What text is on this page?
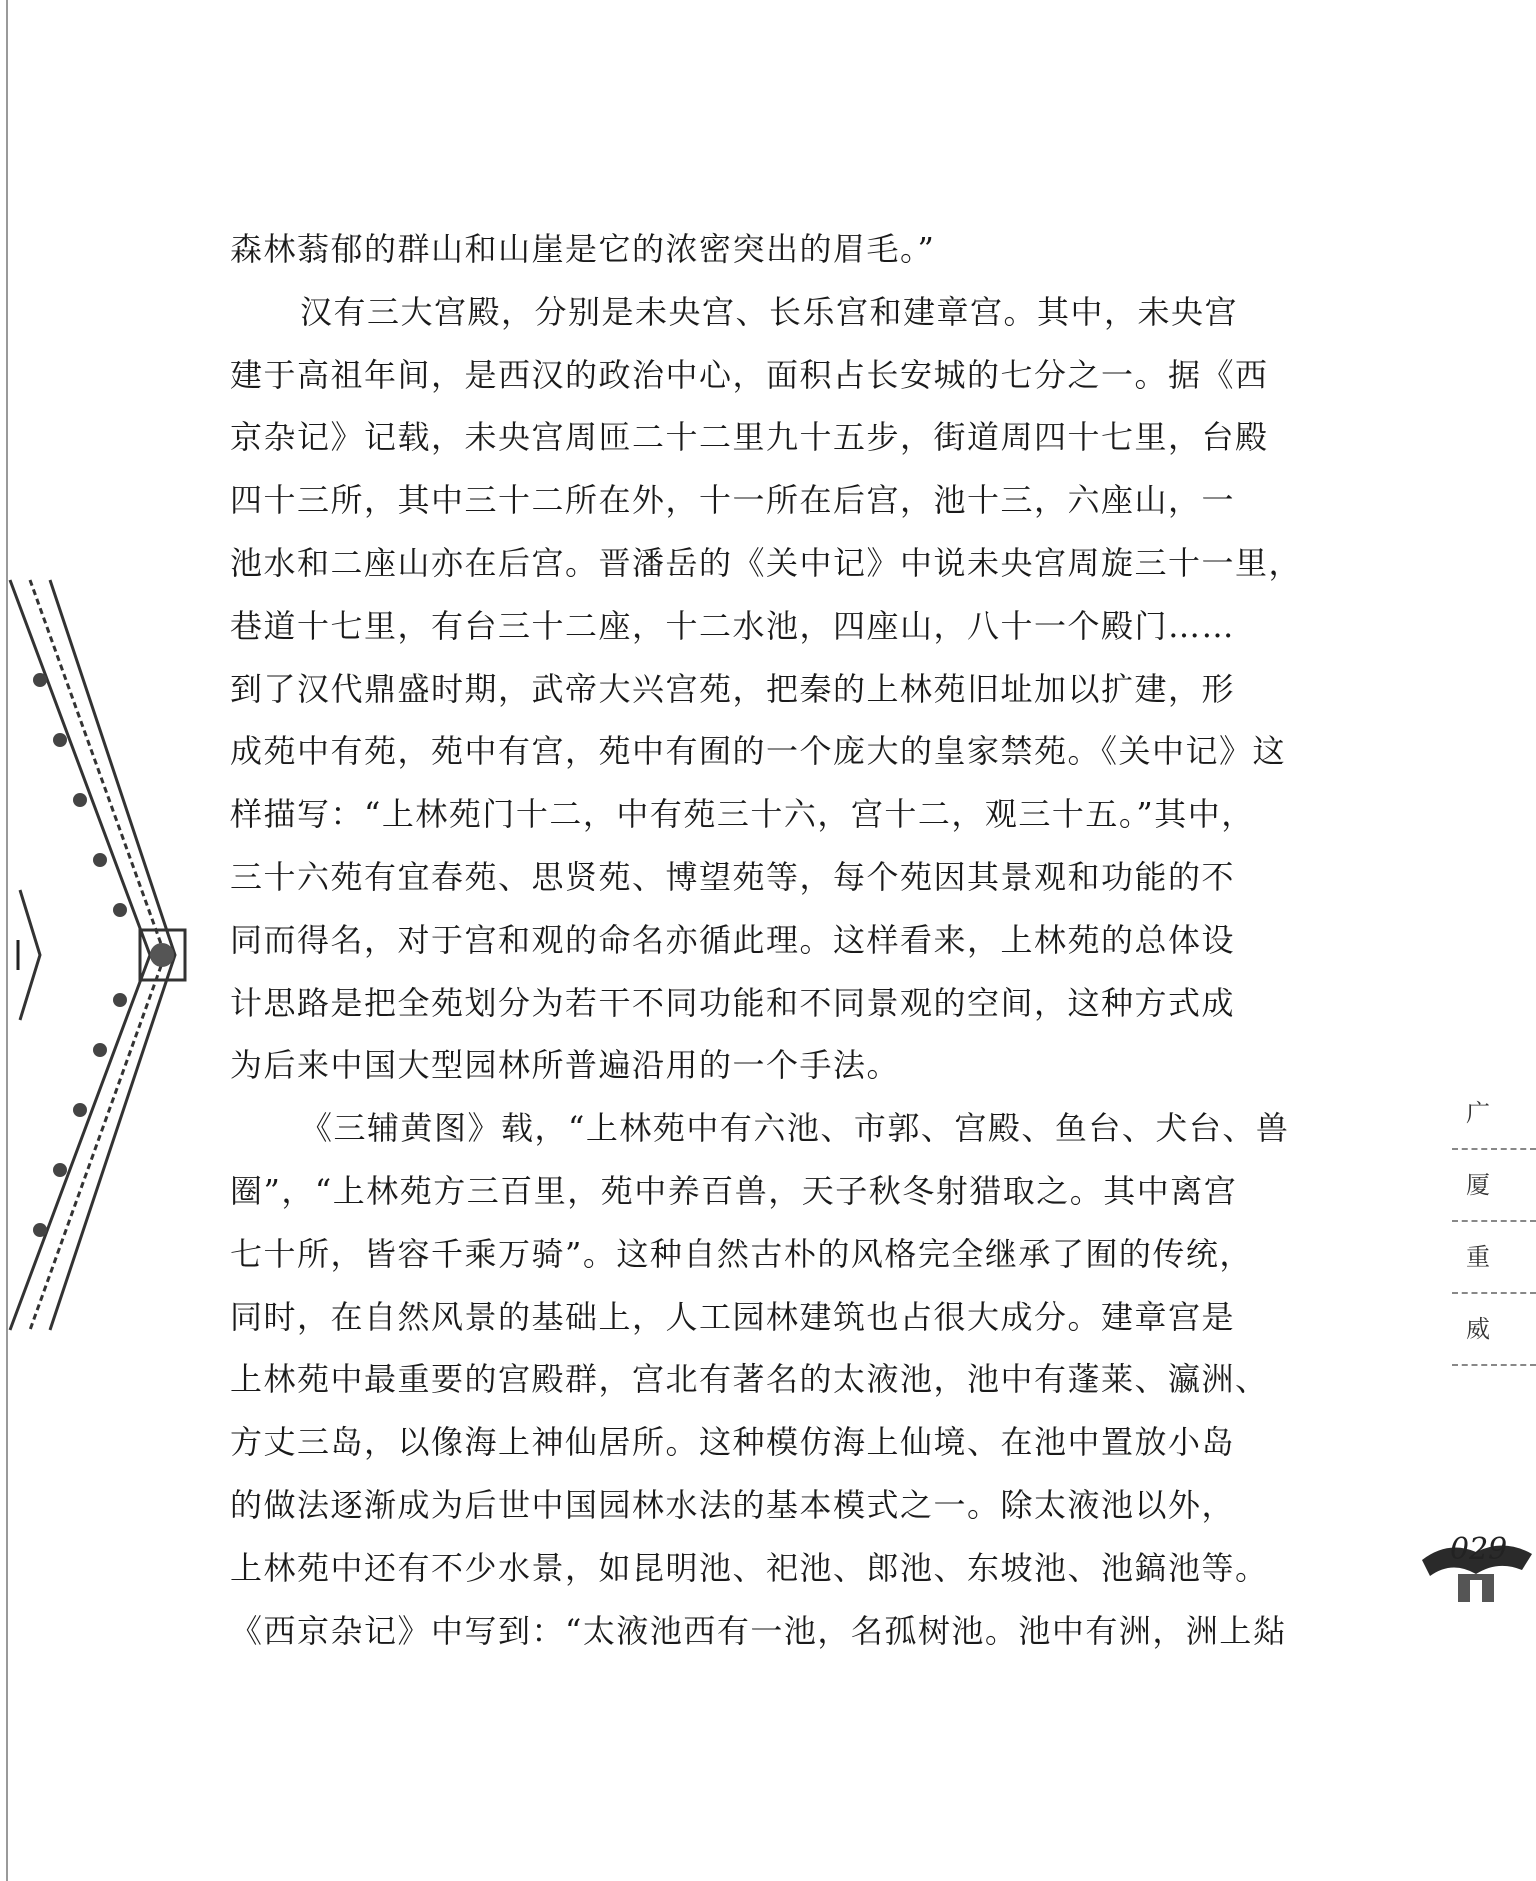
森林蓊郁的群山和山崖是它的浓密突出的眉毛。”
汉有三大宫殿，分别是未央宫、长乐宫和建章宫。其中，未央宫
建于高祖年间，是西汉的政治中心，面积占长安城的七分之一。据《西
京杂记》记载，未央宫周匝二十二里九十五步，街道周四十七里，台殿
四十三所，其中三十二所在外，十一所在后宫，池十三，六座山，一
池水和二座山亦在后宫。晋潘岳的《关中记》中说未央宫周旋三十一里，
巷道十七里，有台三十二座，十二水池，四座山，八十一个殿门……
到了汉代鼎盛时期，武帝大兴宫苑，把秦的上林苑旧址加以扩建，形
成苑中有苑，苑中有宫，苑中有囿的一个庞大的皇家禁苑。《关中记》这
样描写：“上林苑门十二，中有苑三十六，宫十二，观三十五。”其中，
三十六苑有宜春苑、思贤苑、博望苑等，每个苑因其景观和功能的不
同而得名，对于宫和观的命名亦循此理。这样看来，上林苑的总体设
计思路是把全苑划分为若干不同功能和不同景观的空间，这种方式成
为后来中国大型园林所普遍沿用的一个手法。
《三辅黄图》载，“上林苑中有六池、市郭、宫殿、鱼台、犬台、兽
圈”，“上林苑方三百里，苑中养百兽，天子秋冬射猎取之。其中离宫
七十所，皆容千乘万骑”。这种自然古朴的风格完全继承了囿的传统，
同时，在自然风景的基础上，人工园林建筑也占很大成分。建章宫是
上林苑中最重要的宫殿群，宫北有著名的太液池，池中有蓬莱、瀛洲、
方丈三岛，以像海上神仙居所。这种模仿海上仙境、在池中置放小岛
的做法逐渐成为后世中国园林水法的基本模式之一。除太液池以外，
上林苑中还有不少水景，如昆明池、祀池、郎池、东坡池、池鎬池等。
《西京杂记》中写到：“太液池西有一池，名孤树池。池中有洲，洲上煔
广
厦
重
威
029
